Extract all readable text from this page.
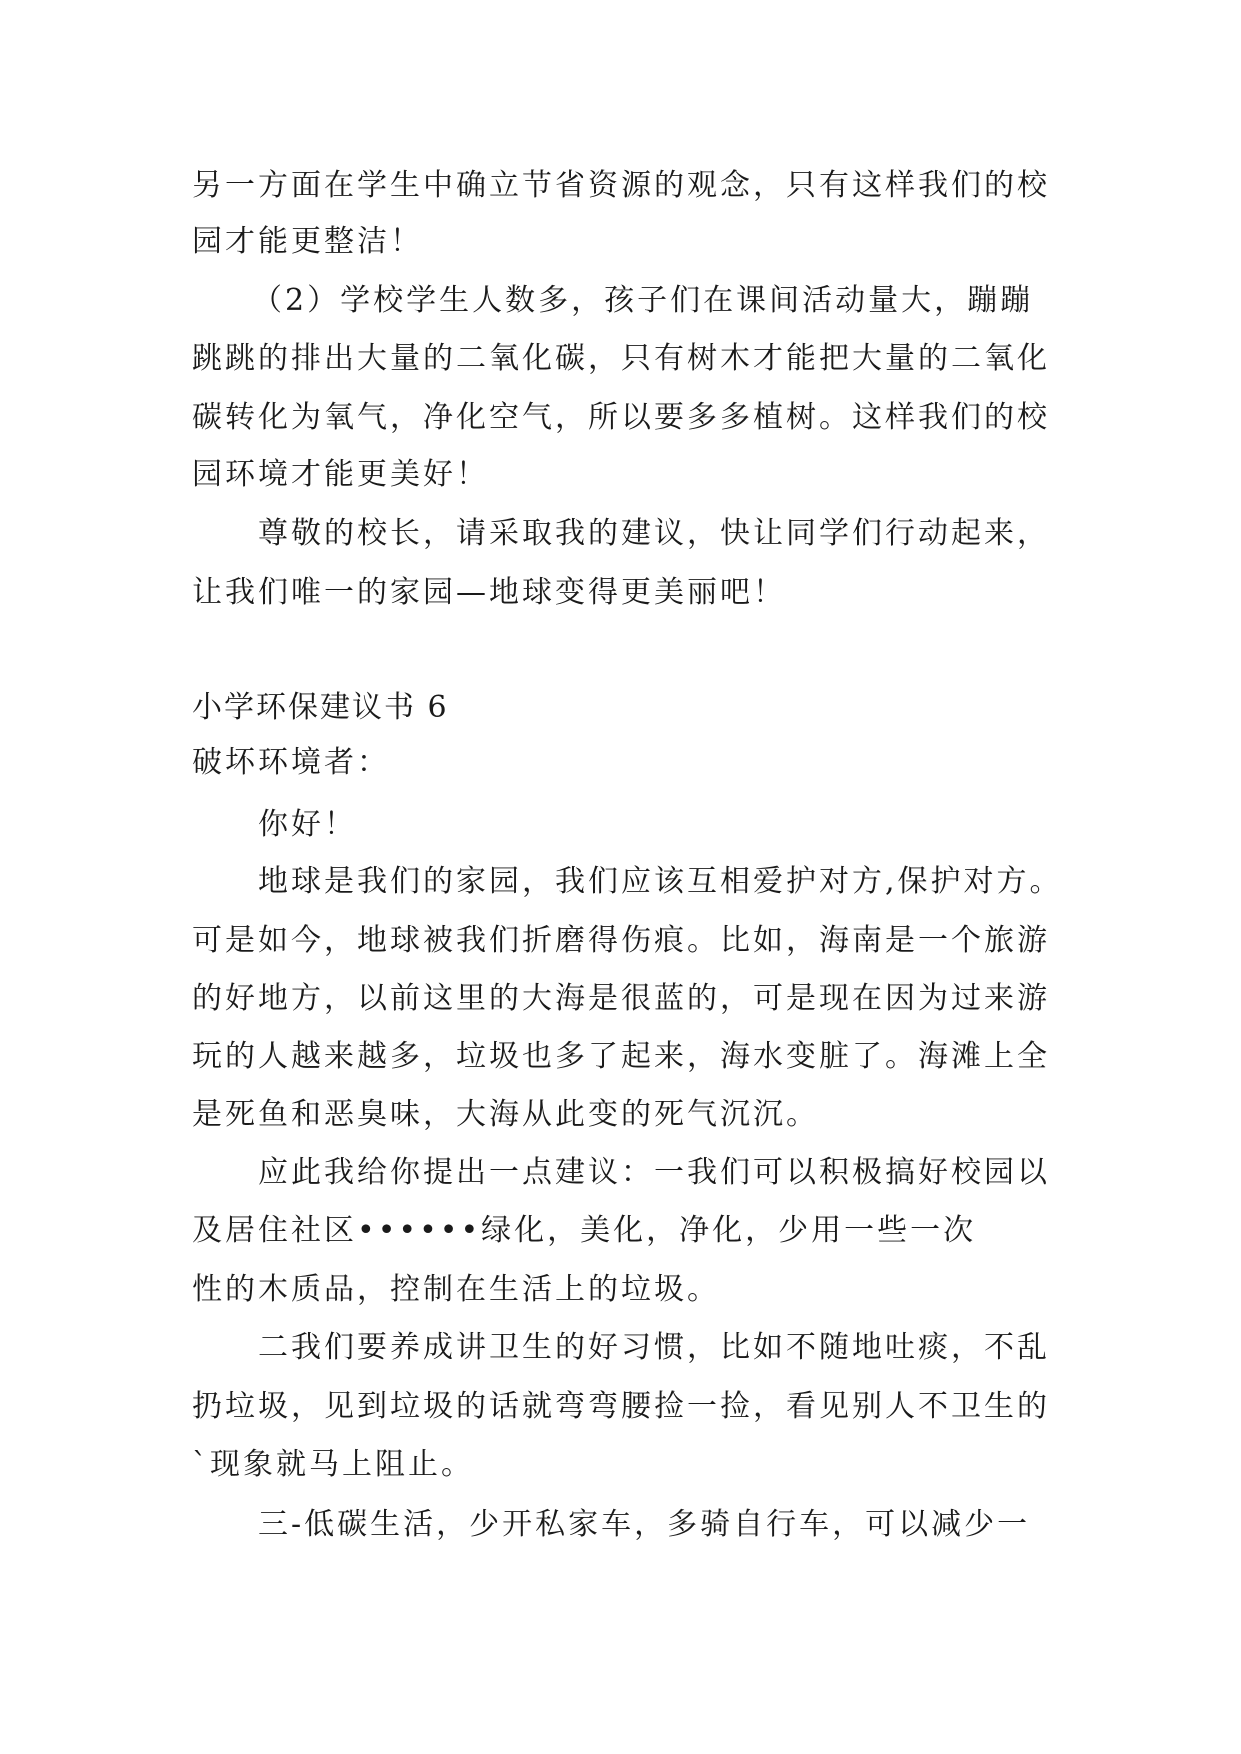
另一方面在学生中确立节省资源的观念，只有这样我们的校
园才能更整洁！
（2）学校学生人数多，孩子们在课间活动量大，蹦蹦
跳跳的排出大量的二氧化碳，只有树木才能把大量的二氧化
碳转化为氧气，净化空气，所以要多多植树。这样我们的校
园环境才能更美好！
尊敬的校长，请采取我的建议，快让同学们行动起来，
让我们唯一的家园—地球变得更美丽吧！
小学环保建议书 6
破坏环境者：
你好！
地球是我们的家园，我们应该互相爱护对方,保护对方。
可是如今，地球被我们折磨得伤痕。比如，海南是一个旅游
的好地方，以前这里的大海是很蓝的，可是现在因为过来游
玩的人越来越多，垃圾也多了起来，海水变脏了。海滩上全
是死鱼和恶臭味，大海从此变的死气沉沉。
应此我给你提出一点建议：一我们可以积极搞好校园以
及居住社区••••••绿化，美化，净化，少用一些一次
性的木质品，控制在生活上的垃圾。
二我们要养成讲卫生的好习惯，比如不随地吐痰，不乱
扔垃圾，见到垃圾的话就弯弯腰捡一捡，看见别人不卫生的
`现象就马上阻止。
三-低碳生活，少开私家车，多骑自行车，可以减少一
